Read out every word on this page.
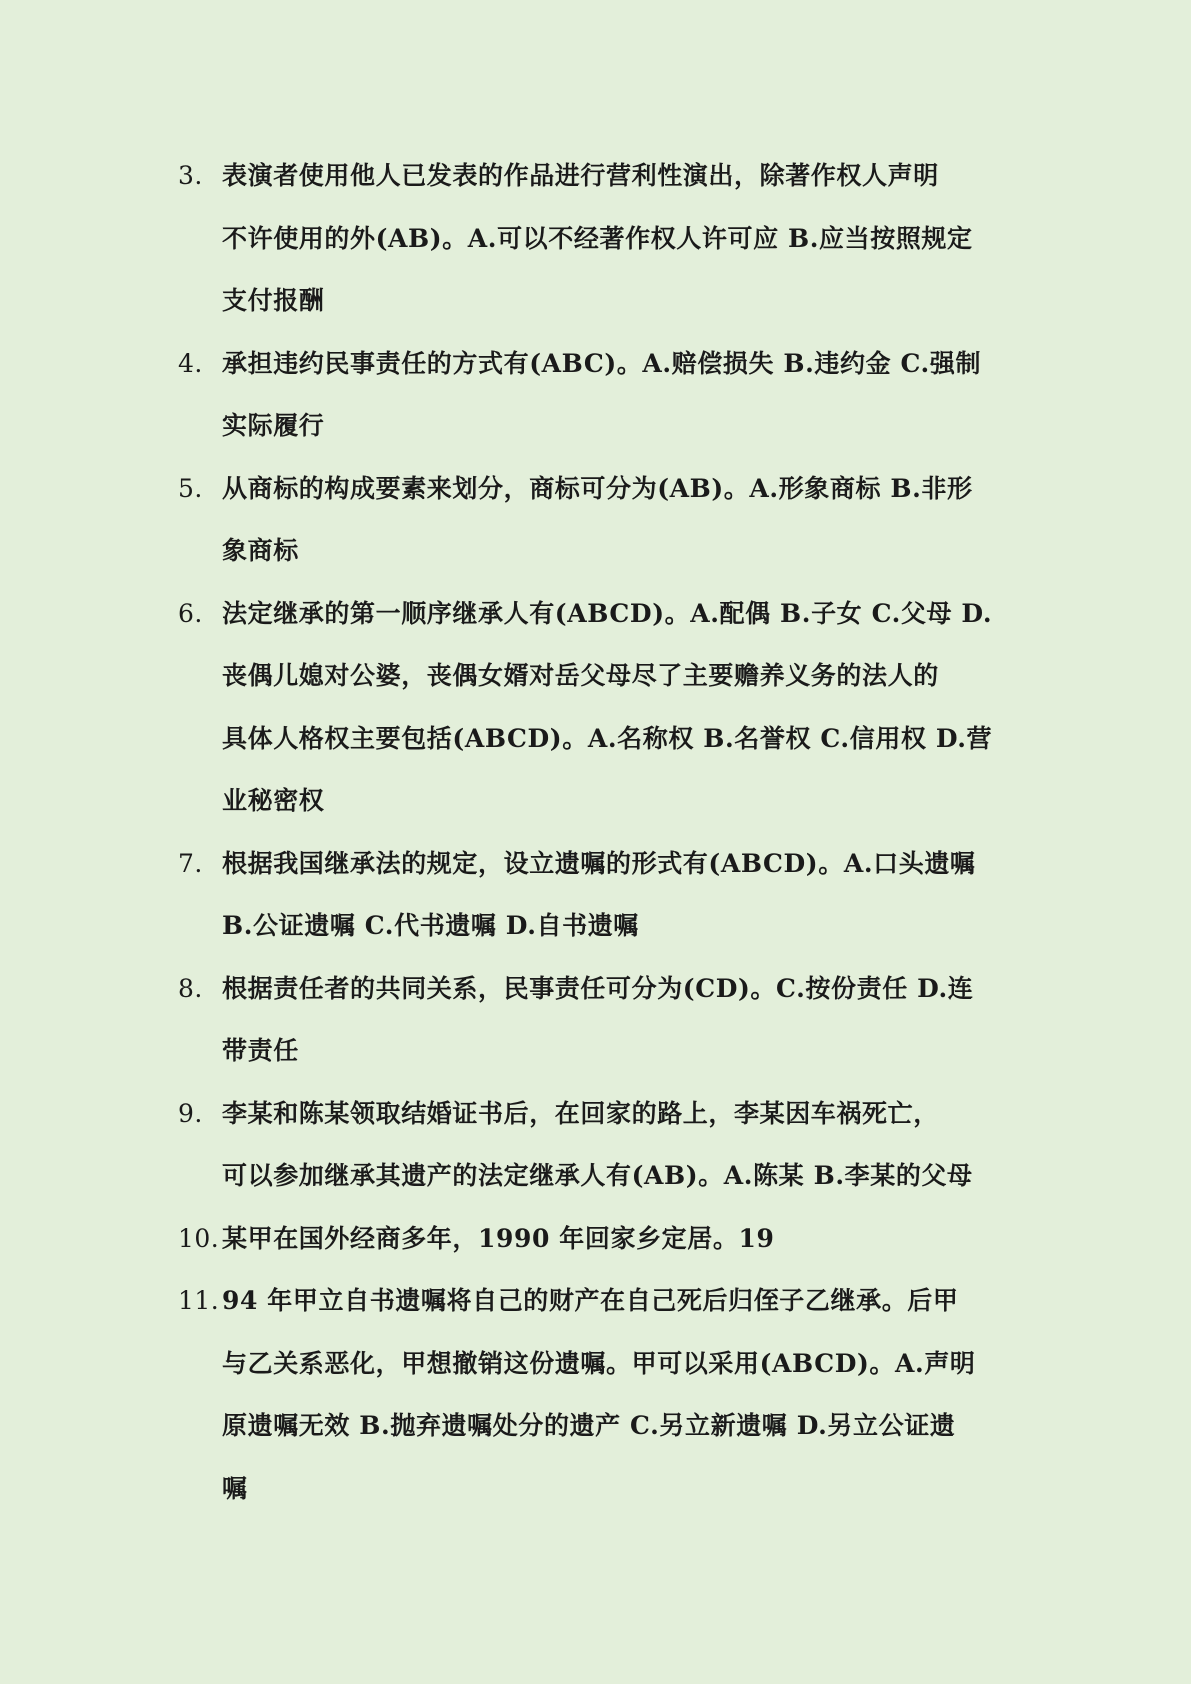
3. 表演者使用他人已发表的作品进行营利性演出，除著作权人声明
不许使用的外(AB)。A.可以不经著作权人许可应 B.应当按照规定
支付报酬
4. 承担违约民事责任的方式有(ABC)。A.赔偿损失 B.违约金 C.强制
实际履行
5. 从商标的构成要素来划分，商标可分为(AB)。A.形象商标 B.非形
象商标
6. 法定继承的第一顺序继承人有(ABCD)。A.配偶 B.子女 C.父母 D.
丧偶儿媳对公婆，丧偶女婿对岳父母尽了主要赡养义务的法人的
具体人格权主要包括(ABCD)。A.名称权 B.名誉权 C.信用权 D.营
业秘密权
7. 根据我国继承法的规定，设立遗嘱的形式有(ABCD)。A.口头遗嘱
B.公证遗嘱 C.代书遗嘱 D.自书遗嘱
8. 根据责任者的共同关系，民事责任可分为(CD)。C.按份责任 D.连
带责任
9. 李某和陈某领取结婚证书后，在回家的路上，李某因车祸死亡，
可以参加继承其遗产的法定继承人有(AB)。A.陈某 B.李某的父母
10. 某甲在国外经商多年，1990 年回家乡定居。19
11. 94 年甲立自书遗嘱将自己的财产在自己死后归侄子乙继承。后甲
与乙关系恶化，甲想撤销这份遗嘱。甲可以采用(ABCD)。A.声明
原遗嘱无效 B.抛弃遗嘱处分的遗产 C.另立新遗嘱 D.另立公证遗
嘱
